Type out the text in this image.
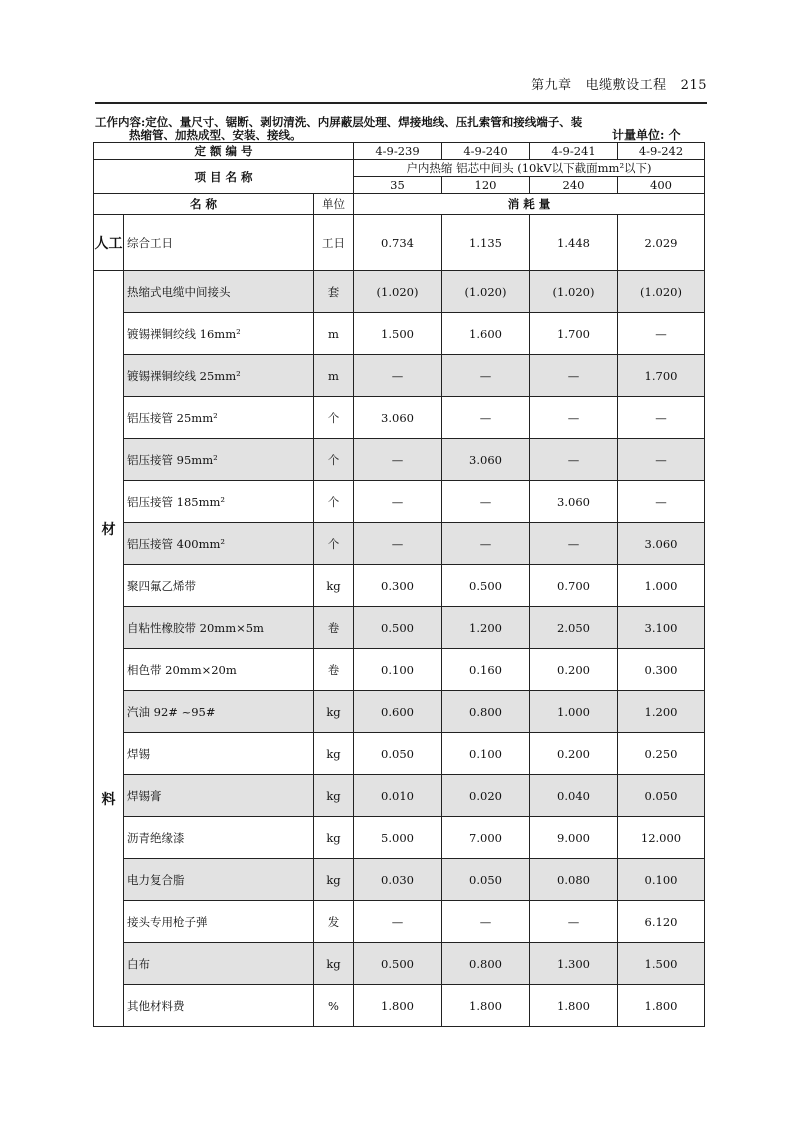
第九章 电缆敷设工程 215
工作内容:定位、量尺寸、锯断、剥切清洗、内屏蔽层处理、焊接地线、压扎索管和接线端子、装
热缩管、加热成型、安装、接线。	计量单位: 个
定 额 编 号			4-9-239	4-9-240	4-9-241	4-9-242
项 目 名 称			户内热缩 铝芯中间头 (10kV以下截面mm²以下)			
			35	120	240	400
名 称		单位	消 耗 量			
人工	综合工日	工日	0.734	1.135	1.448	2.029

材
料	热缩式电缆中间接头	套	(1.020)	(1.020)	(1.020)	(1.020)
	镀锡裸铜绞线 16mm²	m	1.500	1.600	1.700	—
	镀锡裸铜绞线 25mm²	m	—	—	—	1.700
	铝压接管 25mm²	个	3.060	—	—	—
	铝压接管 95mm²	个	—	3.060	—	—
	铝压接管 185mm²	个	—	—	3.060	—
	铝压接管 400mm²	个	—	—	—	3.060
	聚四氟乙烯带	kg	0.300	0.500	0.700	1.000
	自粘性橡胶带 20mm×5m	卷	0.500	1.200	2.050	3.100
	相色带 20mm×20m	卷	0.100	0.160	0.200	0.300
	汽油 92# ~95#	kg	0.600	0.800	1.000	1.200
	焊锡	kg	0.050	0.100	0.200	0.250
	焊锡膏	kg	0.010	0.020	0.040	0.050
	沥青绝缘漆	kg	5.000	7.000	9.000	12.000
	电力复合脂	kg	0.030	0.050	0.080	0.100
	接头专用枪子弹	发	—	—	—	6.120
	白布	kg	0.500	0.800	1.300	1.500
	其他材料费	%	1.800	1.800	1.800	1.800
